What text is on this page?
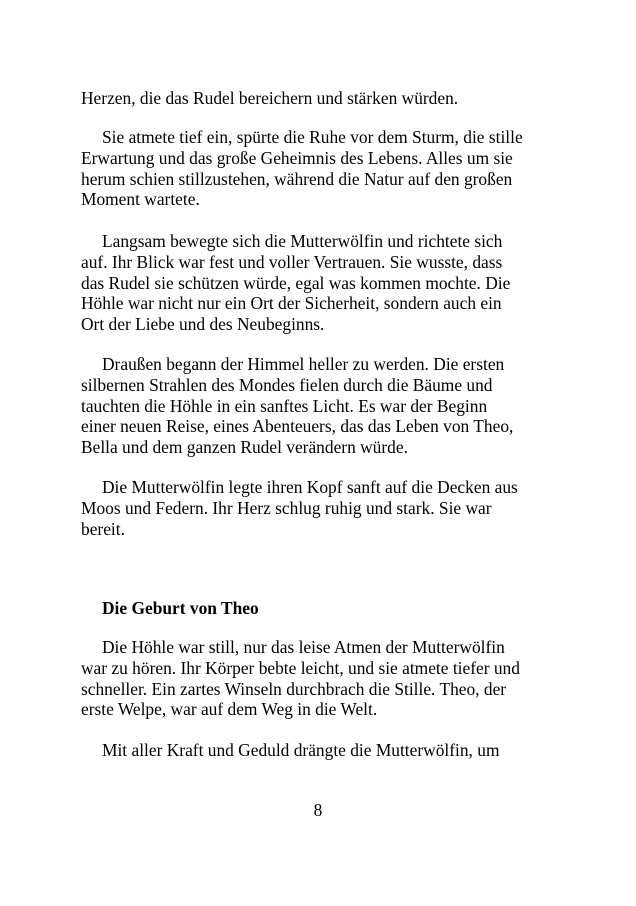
Herzen, die das Rudel bereichern und stärken würden.
Sie atmete tief ein, spürte die Ruhe vor dem Sturm, die stille
Erwartung und das große Geheimnis des Lebens. Alles um sie
herum schien stillzustehen, während die Natur auf den großen
Moment wartete.
Langsam bewegte sich die Mutterwölfin und richtete sich
auf. Ihr Blick war fest und voller Vertrauen. Sie wusste, dass
das Rudel sie schützen würde, egal was kommen mochte. Die
Höhle war nicht nur ein Ort der Sicherheit, sondern auch ein
Ort der Liebe und des Neubeginns.
Draußen begann der Himmel heller zu werden. Die ersten
silbernen Strahlen des Mondes fielen durch die Bäume und
tauchten die Höhle in ein sanftes Licht. Es war der Beginn
einer neuen Reise, eines Abenteuers, das das Leben von Theo,
Bella und dem ganzen Rudel verändern würde.
Die Mutterwölfin legte ihren Kopf sanft auf die Decken aus
Moos und Federn. Ihr Herz schlug ruhig und stark. Sie war
bereit.
Die Geburt von Theo
Die Höhle war still, nur das leise Atmen der Mutterwölfin
war zu hören. Ihr Körper bebte leicht, und sie atmete tiefer und
schneller. Ein zartes Winseln durchbrach die Stille. Theo, der
erste Welpe, war auf dem Weg in die Welt.
Mit aller Kraft und Geduld drängte die Mutterwölfin, um
8
